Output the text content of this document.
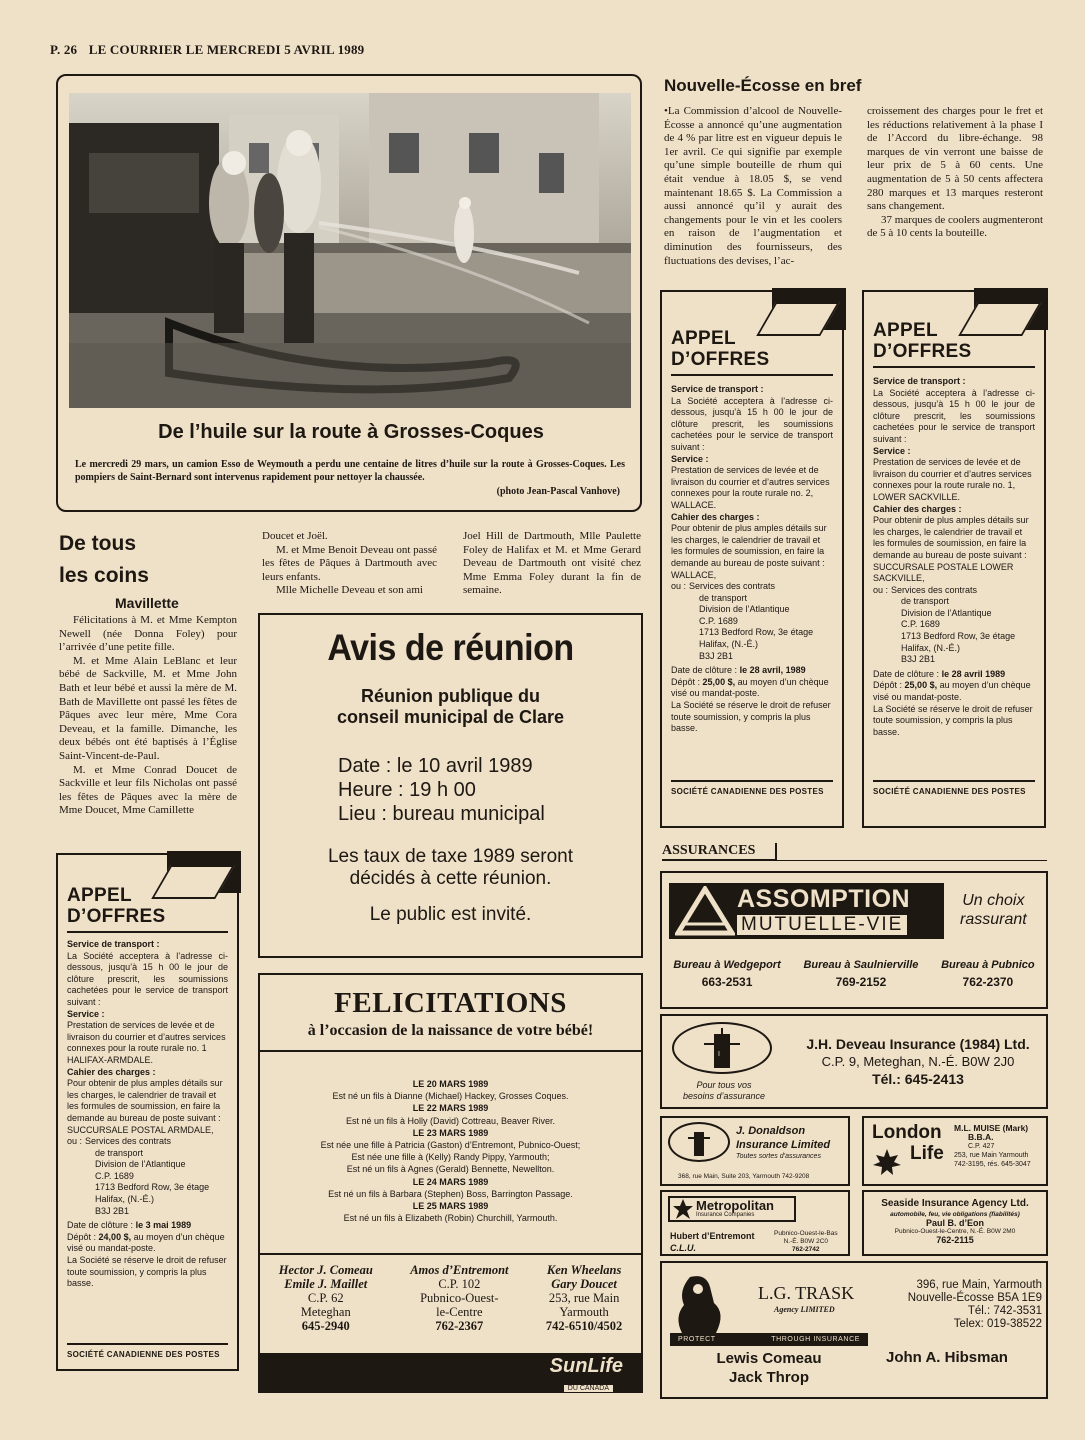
P. 26 LE COURRIER LE MERCREDI 5 AVRIL 1989
De l’huile sur la route à Grosses-Coques
Le mercredi 29 mars, un camion Esso de Weymouth a perdu une centaine de litres d’huile sur la route à Grosses-Coques. Les pompiers de Saint-Bernard sont intervenus rapidement pour nettoyer la chaussée.
(photo Jean-Pascal Vanhove)
Nouvelle-Écosse en bref
•La Commission d’alcool de Nouvelle-Écosse a annoncé qu’une augmentation de 4 % par litre est en vigueur depuis le 1er avril. Ce qui signifie par exemple qu’une simple bouteille de rhum qui était vendue à 18.05 $, se vend maintenant 18.65 $. La Commission a aussi annoncé qu’il y aurait des changements pour le vin et les coolers en raison de l’augmentation et diminution des fournisseurs, des fluctuations des devises, l’ac-

croissement des charges pour le fret et les réductions relativement à la phase I de l’Accord du libre-échange. 98 marques de vin verront une baisse de leur prix de 5 à 60 cents. Une augmentation de 5 à 50 cents affectera 280 marques et 13 marques resteront sans changement.

37 marques de coolers augmenteront de 5 à 10 cents la bouteille.

De tous
les coins
Mavillette

Félicitations à M. et Mme Kempton Newell (née Donna Foley) pour l’arrivée d’une petite fille.

M. et Mme Alain LeBlanc et leur bébé de Sackville, M. et Mme John Bath et leur bébé et aussi la mère de M. Bath de Mavillette ont passé les fêtes de Pâques avec leur mère, Mme Cora Deveau, et la famille. Dimanche, les deux bébés ont été baptisés à l’Église Saint-Vincent-de-Paul.

M. et Mme Conrad Doucet de Sackville et leur fils Nicholas ont passé les fêtes de Pâques avec la mère de Mme Doucet, Mme Camillette

Doucet et Joël.

M. et Mme Benoit Deveau ont passé les fêtes de Pâques à Dartmouth avec leurs enfants.

Mlle Michelle Deveau et son ami

Joel Hill de Dartmouth, Mlle Paulette Foley de Halifax et M. et Mme Gerard Deveau de Dartmouth ont visité chez Mme Emma Foley durant la fin de semaine.

Avis de réunion
Réunion publique du
conseil municipal de Clare
Date : le 10 avril 1989
Heure : 19 h 00
Lieu : bureau municipal
Les taux de taxe 1989 seront
décidés à cette réunion.
Le public est invité.
APPEL
D’OFFRES
Service de transport :
La Société acceptera à l’adresse ci-dessous, jusqu’à 15 h 00 le jour de clôture prescrit, les soumissions cachetées pour le service de transport suivant :
Service :
Prestation de services de levée et de livraison du courrier et d’autres services connexes pour la route rurale no. 1 HALIFAX-ARMDALE.
Cahier des charges :
Pour obtenir de plus amples détails sur les charges, le calendrier de travail et les formules de soumission, en faire la demande au bureau de poste suivant : SUCCURSALE POSTAL ARMDALE,
ou : Services des contrats
de transport
Division de l’Atlantique
C.P. 1689
1713 Bedford Row, 3e étage
Halifax, (N.-É.)
B3J 2B1
Date de clôture : le 3 mai 1989
Dépôt : 24,00 $, au moyen d’un chèque visé ou mandat-poste.
La Société se réserve le droit de refuser toute soumission, y compris la plus basse.
SOCIÉTÉ CANADIENNE DES POSTES
APPEL
D’OFFRES
Service de transport :
La Société acceptera à l’adresse ci-dessous, jusqu’à 15 h 00 le jour de clôture prescrit, les soumissions cachetées pour le service de transport suivant :
Service :
Prestation de services de levée et de livraison du courrier et d’autres services connexes pour la route rurale no. 2, WALLACE.
Cahier des charges :
Pour obtenir de plus amples détails sur les charges, le calendrier de travail et les formules de soumission, en faire la demande au bureau de poste suivant : WALLACE,
ou : Services des contrats
de transport
Division de l’Atlantique
C.P. 1689
1713 Bedford Row, 3e étage
Halifax, (N.-É.)
B3J 2B1
Date de clôture : le 28 avril, 1989
Dépôt : 25,00 $, au moyen d’un chèque visé ou mandat-poste.
La Société se réserve le droit de refuser toute soumission, y compris la plus basse.
SOCIÉTÉ CANADIENNE DES POSTES
APPEL
D’OFFRES
Service de transport :
La Société acceptera à l’adresse ci-dessous, jusqu’à 15 h 00 le jour de clôture prescrit, les soumissions cachetées pour le service de transport suivant :
Service :
Prestation de services de levée et de livraison du courrier et d’autres services connexes pour la route rurale no. 1, LOWER SACKVILLE.
Cahier des charges :
Pour obtenir de plus amples détails sur les charges, le calendrier de travail et les formules de soumission, en faire la demande au bureau de poste suivant : SUCCURSALE POSTALE LOWER SACKVILLE,
ou : Services des contrats
de transport
Division de l’Atlantique
C.P. 1689
1713 Bedford Row, 3e étage
Halifax, (N.-É.)
B3J 2B1
Date de clôture : le 28 avril 1989
Dépôt : 25,00 $, au moyen d’un chèque visé ou mandat-poste.
La Société se réserve le droit de refuser toute soumission, y compris la plus basse.
SOCIÉTÉ CANADIENNE DES POSTES
FELICITATIONS
à l’occasion de la naissance de votre bébé!
LE 20 MARS 1989
Est né un fils à Dianne (Michael) Hackey, Grosses Coques.
LE 22 MARS 1989
Est né un fils à Holly (David) Cottreau, Beaver River.
LE 23 MARS 1989
Est née une fille à Patricia (Gaston) d’Entremont, Pubnico-Ouest;
Est née une fille à (Kelly) Randy Pippy, Yarmouth;
Est né un fils à Agnes (Gerald) Bennette, Newellton.
LE 24 MARS 1989
Est né un fils à Barbara (Stephen) Boss, Barrington Passage.
LE 25 MARS 1989
Est né un fils à Elizabeth (Robin) Churchill, Yarmouth.
Hector J. Comeau
Emile J. Maillet
C.P. 62
Meteghan
645-2940
Amos d’Entremont
C.P. 102
Pubnico-Ouest-
le-Centre
762-2367
Ken Wheelans
Gary Doucet
253, rue Main
Yarmouth
742-6510/4502
SunLife
DU CANADA
ASSURANCES
ASSOMPTION
MUTUELLE-VIE
Un choix
rassurant
Bureau à Wedgeport
663-2531
Bureau à Saulnierville
769-2152
Bureau à Pubnico
762-2370
I
Pour tous vos
besoins d’assurance
J.H. Deveau Insurance (1984) Ltd.
C.P. 9, Meteghan, N.-É. B0W 2J0
Tél.: 645-2413
J. Donaldson
Insurance Limited
Toutes sortes d’assurances
368, rue Main, Suite 203, Yarmouth 742-9208
London
Life
M.L. MUISE (Mark)
B.B.A.
C.P. 427
253, rue Main Yarmouth
742-3195, rés. 645-3047
Metropolitan
Insurance Companies
Hubert d’Entremont
C.L.U.
Pubnico-Ouest-le-Bas
N.-É. B0W 2C0
762-2742
Seaside Insurance Agency Ltd.
automobile, feu, vie obligations (fiabilités)
Paul B. d’Eon
Pubnico-Ouest-le-Centre, N.-É. B0W 2M0
762-2115
L.G. TRASK
Agency LIMITED
PROTECT	THROUGH INSURANCE
Lewis Comeau
Jack Throp
396, rue Main, Yarmouth
Nouvelle-Écosse B5A 1E9
Tél.: 742-3531
Telex: 019-38522
John A. Hibsman
